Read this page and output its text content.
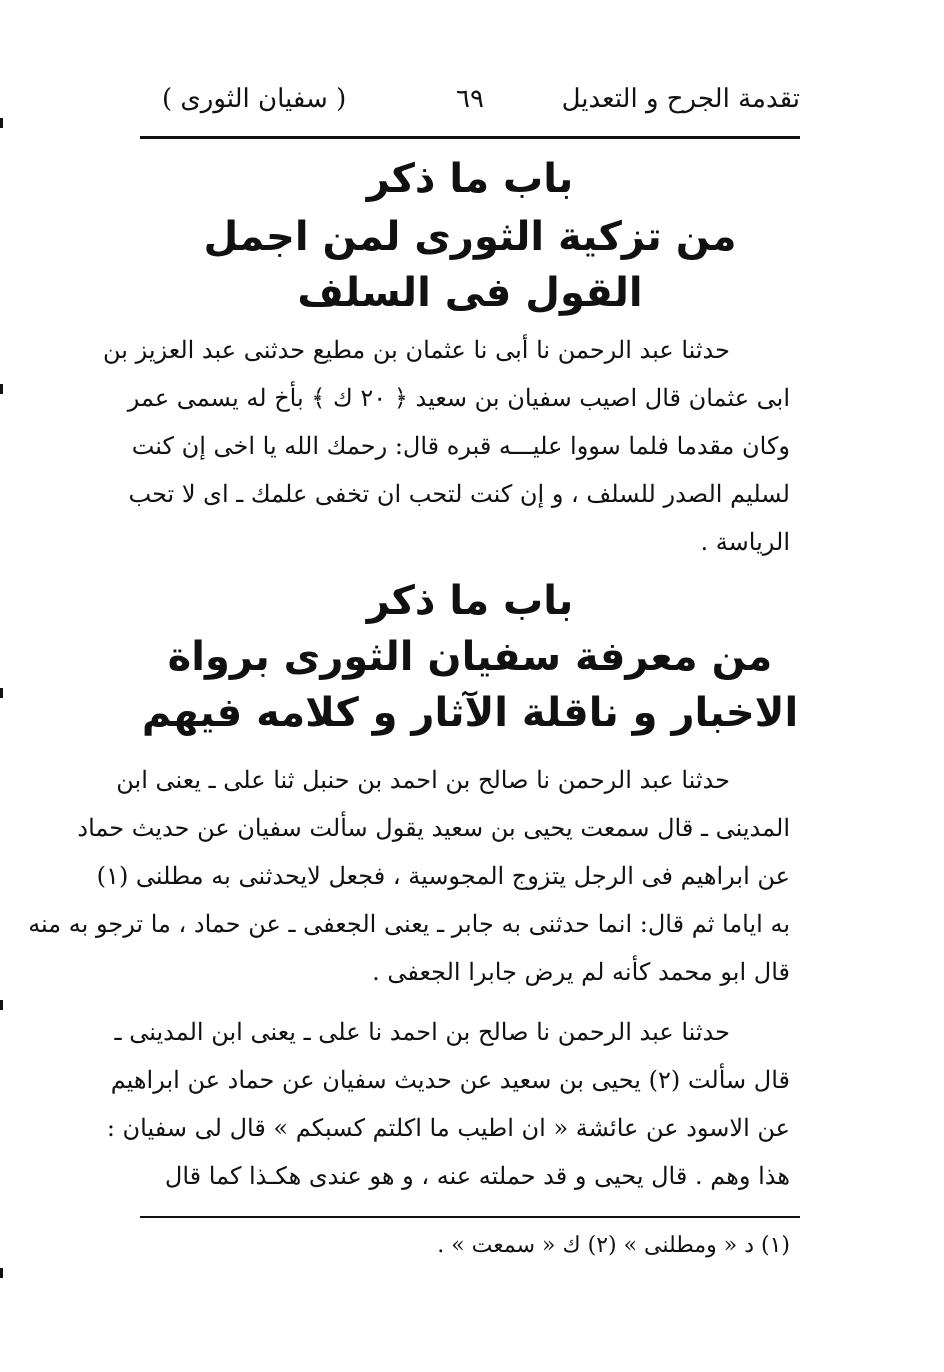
تقدمة الجرح و التعديل
٦٩
( سفيان الثورى )
باب ما ذكر
من تزكية الثورى لمن اجمل
القول فى السلف
حدثنا عبد الرحمن نا أبى نا عثمان بن مطيع حدثنى عبد العزيز بن
ابى عثمان قال اصيب سفيان بن سعيد ﴿ ٢٠ ك ﴾ بأخ له يسمى عمر
وكان مقدما فلما سووا عليـــه قبره قال: رحمك الله يا اخى إن كنت
لسليم الصدر للسلف ، و إن كنت لتحب ان تخفى علمك ـ اى لا تحب
الرياسة .
باب ما ذكر
من معرفة سفيان الثورى برواة
الاخبار و ناقلة الآثار و كلامه فيهم
حدثنا عبد الرحمن نا صالح بن احمد بن حنبل ثنا على ـ يعنى ابن
المدينى ـ قال سمعت يحيى بن سعيد يقول سألت سفيان عن حديث حماد
عن ابراهيم فى الرجل يتزوج المجوسية ، فجعل لايحدثنى به مطلنى (١)
به اياما ثم قال: انما حدثنى به جابر ـ يعنى الجعفى ـ عن حماد ، ما ترجو به منه
قال ابو محمد كأنه لم يرض جابرا الجعفى .
حدثنا عبد الرحمن نا صالح بن احمد نا على ـ يعنى ابن المدينى ـ
قال سألت (٢) يحيى بن سعيد عن حديث سفيان عن حماد عن ابراهيم
عن الاسود عن عائشة « ان اطيب ما اكلتم كسبكم » قال لى سفيان :
هذا وهم . قال يحيى و قد حملته عنه ، و هو عندى هكـذا كما قال
(١) د « ومطلنى » (٢) ك « سمعت » .
